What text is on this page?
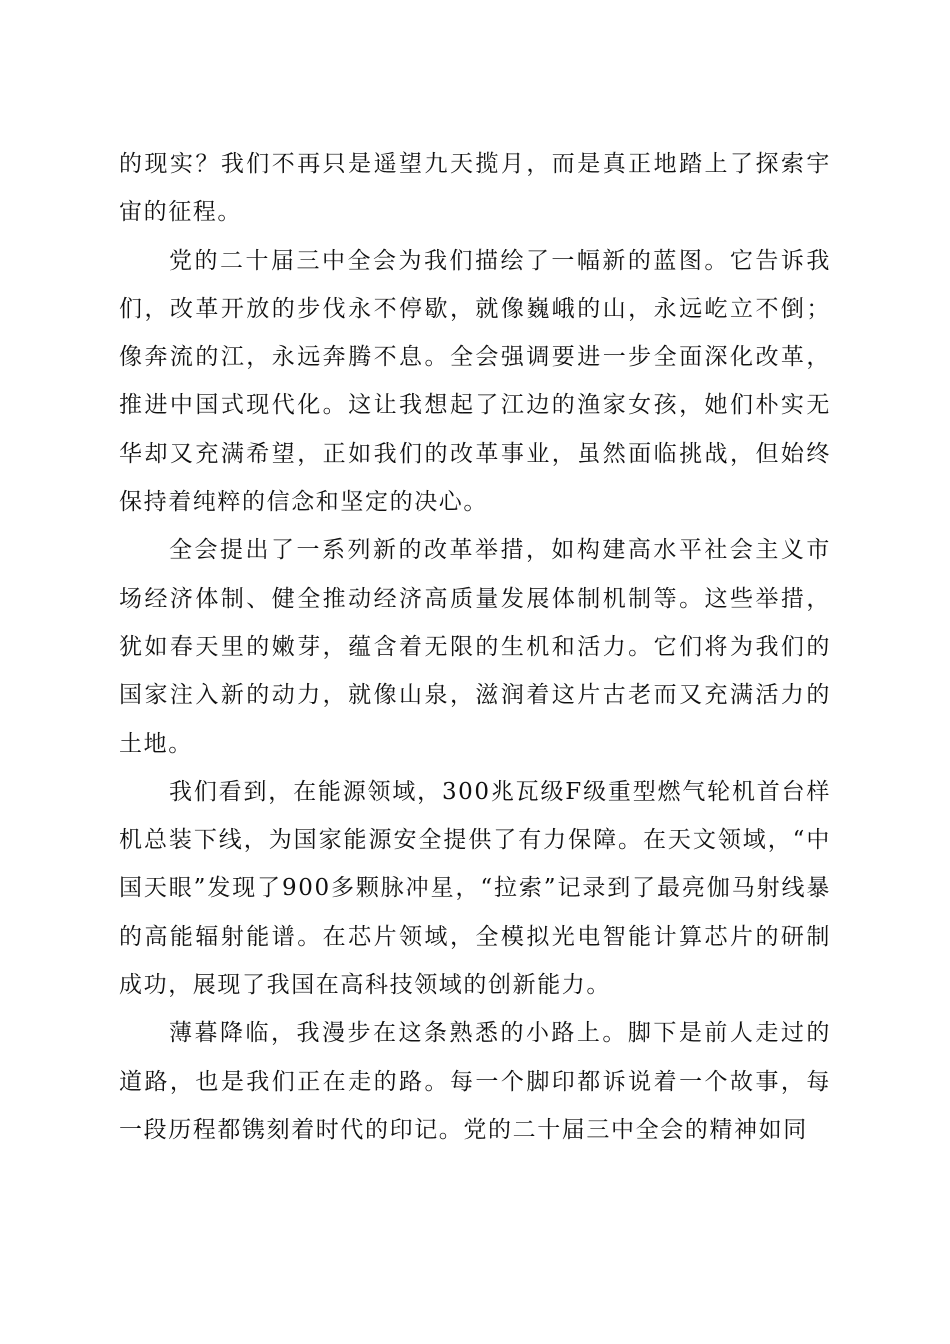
的现实？我们不再只是遥望九天揽月，而是真正地踏上了探索宇宙的征程。

党的二十届三中全会为我们描绘了一幅新的蓝图。它告诉我们，改革开放的步伐永不停歇，就像巍峨的山，永远屹立不倒；像奔流的江，永远奔腾不息。全会强调要进一步全面深化改革，推进中国式现代化。这让我想起了江边的渔家女孩，她们朴实无华却又充满希望，正如我们的改革事业，虽然面临挑战，但始终保持着纯粹的信念和坚定的决心。

全会提出了一系列新的改革举措，如构建高水平社会主义市场经济体制、健全推动经济高质量发展体制机制等。这些举措，犹如春天里的嫩芽，蕴含着无限的生机和活力。它们将为我们的国家注入新的动力，就像山泉，滋润着这片古老而又充满活力的土地。

我们看到，在能源领域，300兆瓦级F级重型燃气轮机首台样机总装下线，为国家能源安全提供了有力保障。在天文领域，“中国天眼”发现了900多颗脉冲星，“拉索”记录到了最亮伽马射线暴的高能辐射能谱。在芯片领域，全模拟光电智能计算芯片的研制成功，展现了我国在高科技领域的创新能力。

薄暮降临，我漫步在这条熟悉的小路上。脚下是前人走过的道路，也是我们正在走的路。每一个脚印都诉说着一个故事，每一段历程都镌刻着时代的印记。党的二十届三中全会的精神如同
